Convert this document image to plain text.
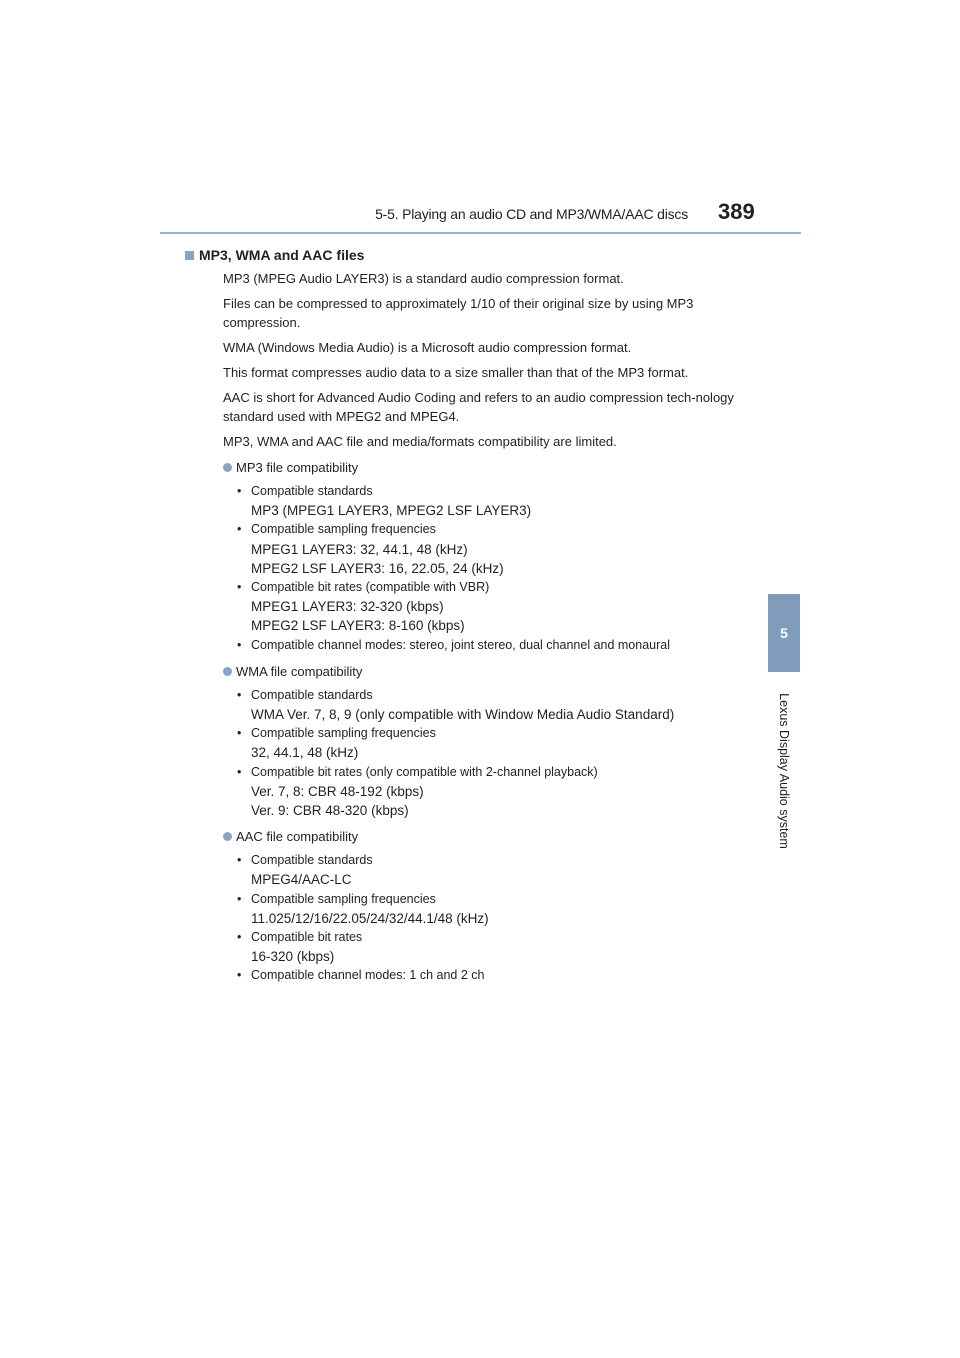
5-5. Playing an audio CD and MP3/WMA/AAC discs 389
5
Lexus Display Audio system
MP3, WMA and AAC files
MP3 (MPEG Audio LAYER3) is a standard audio compression format.
Files can be compressed to approximately 1/10 of their original size by using MP3 compression.
WMA (Windows Media Audio) is a Microsoft audio compression format.
This format compresses audio data to a size smaller than that of the MP3 format.
AAC is short for Advanced Audio Coding and refers to an audio compression tech-nology standard used with MPEG2 and MPEG4.
MP3, WMA and AAC file and media/formats compatibility are limited.
MP3 file compatibility
• Compatible standards
MP3 (MPEG1 LAYER3, MPEG2 LSF LAYER3)
• Compatible sampling frequencies
MPEG1 LAYER3: 32, 44.1, 48 (kHz)
MPEG2 LSF LAYER3: 16, 22.05, 24 (kHz)
• Compatible bit rates (compatible with VBR)
MPEG1 LAYER3: 32-320 (kbps)
MPEG2 LSF LAYER3: 8-160 (kbps)
• Compatible channel modes: stereo, joint stereo, dual channel and monaural
WMA file compatibility
• Compatible standards
WMA Ver. 7, 8, 9 (only compatible with Window Media Audio Standard)
• Compatible sampling frequencies
32, 44.1, 48 (kHz)
• Compatible bit rates (only compatible with 2-channel playback)
Ver. 7, 8: CBR 48-192 (kbps)
Ver. 9: CBR 48-320 (kbps)
AAC file compatibility
• Compatible standards
MPEG4/AAC-LC
• Compatible sampling frequencies
11.025/12/16/22.05/24/32/44.1/48 (kHz)
• Compatible bit rates
16-320 (kbps)
• Compatible channel modes: 1 ch and 2 ch
